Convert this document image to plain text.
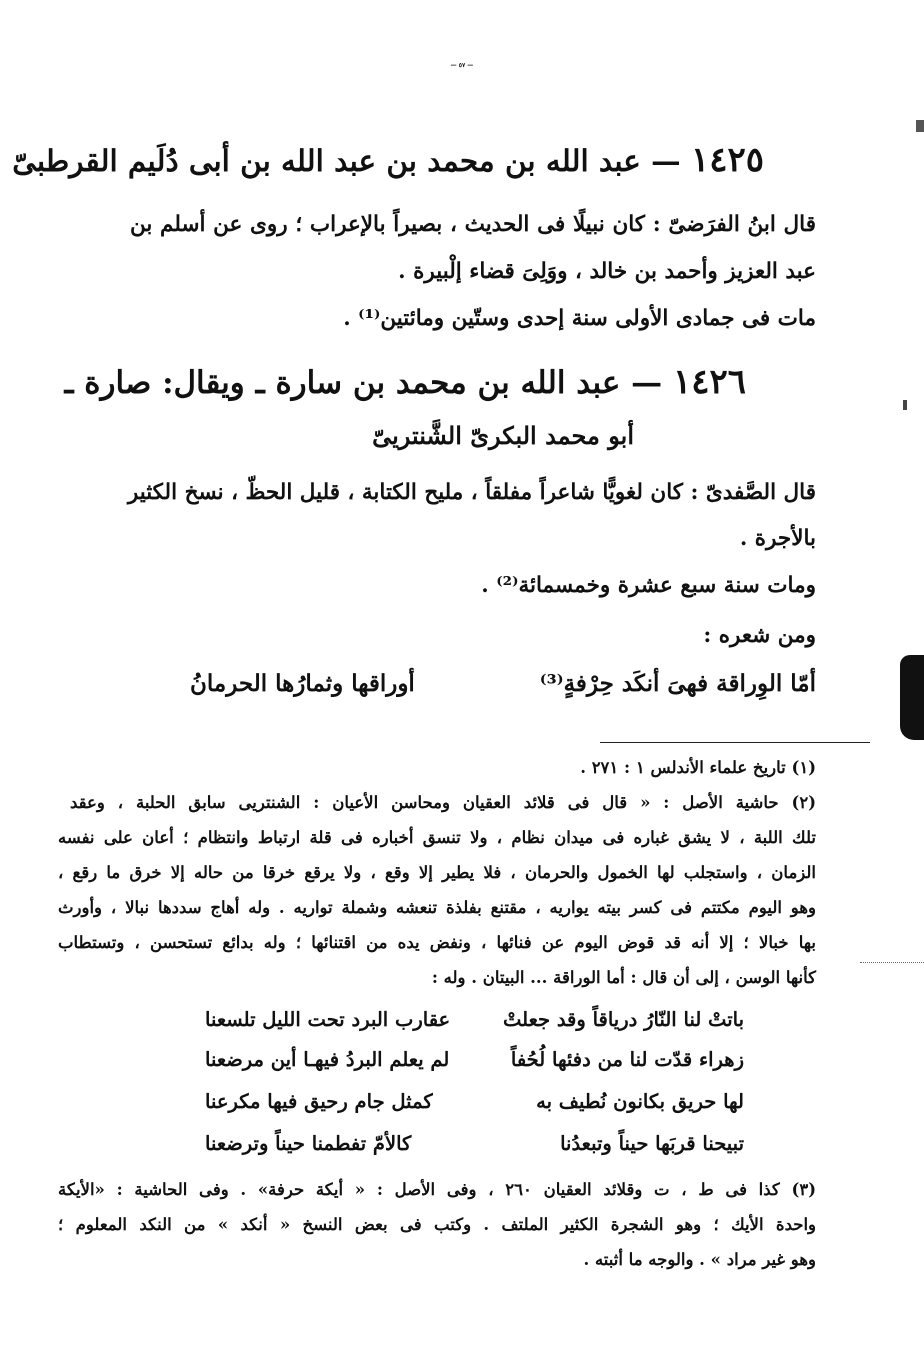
— ٥٧ —
١٤٢٥ — عبد الله بن محمد بن عبد الله بن أبى دُلَيم القرطبىّ
قال ابنُ الفرَضىّ : كان نبيلًا فى الحديث ، بصيراً بالإعراب ؛ روى عن أسلم بن
عبد العزيز وأحمد بن خالد ، ووَلِىَ قضاء إلْبيرة .
مات فى جمادى الأولى سنة إحدى وستّين ومائتين⁽¹⁾ .
١٤٢٦ — عبد الله بن محمد بن سارة ـ ويقال: صارة ـ
أبو محمد البكرىّ الشَّنتريىّ
قال الصَّفدىّ : كان لغويًّا شاعراً مفلقاً ، مليح الكتابة ، قليل الحظّ ، نسخ الكثير
بالأجرة .
ومات سنة سبع عشرة وخمسمائة⁽²⁾ .
ومن شعره :
أمّا الوِراقة فهىَ أنكَد حِرْفةٍ⁽³⁾
أوراقها وثمارُها الحرمانُ
(١) تاريخ علماء الأندلس ١ : ٢٧١ .
(٢) حاشية الأصل : « قال فى قلائد العقيان ومحاسن الأعيان : الشنتريى سابق الحلبة ، وعقد
تلك اللبة ، لا يشق غباره فى ميدان نظام ، ولا تنسق أخباره فى قلة ارتباط وانتظام ؛ أعان على نفسه
الزمان ، واستجلب لها الخمول والحرمان ، فلا يطير إلا وقع ، ولا يرقع خرقا من حاله إلا خرق ما رقع ،
وهو اليوم مكتتم فى كسر بيته يواريه ، مقتنع بفلذة تنعشه وشملة تواريه . وله أهاج سددها نبالا ، وأورث
بها خبالا ؛ إلا أنه قد قوض اليوم عن فنائها ، ونفض يده من اقتنائها ؛ وله بدائع تستحسن ، وتستطاب
كأنها الوسن ، إلى أن قال : أما الوراقة ... البيتان . وله :
باتتْ لنا النّارُ درياقاً وقد جعلتْ
عقارب البرد تحت الليل تلسعنا
زهراء قدّت لنا من دفئها لُحُفاً
لم يعلم البردُ فيهـا أين مرضعنا
لها حريق بكانون نُطيف به
كمثل جام رحيق فيها مكرعنا
تبيحنا قربَها حيناً وتبعدُنا
كالأمّ تفطمنا حيناً وترضعنا
(٣) كذا فى ط ، ت وقلائد العقيان ٢٦٠ ، وفى الأصل : « أيكة حرفة» . وفى الحاشية : «الأيكة
واحدة الأيك ؛ وهو الشجرة الكثير الملتف . وكتب فى بعض النسخ « أنكد » من النكد المعلوم ؛
وهو غير مراد » . والوجه ما أثبته .
